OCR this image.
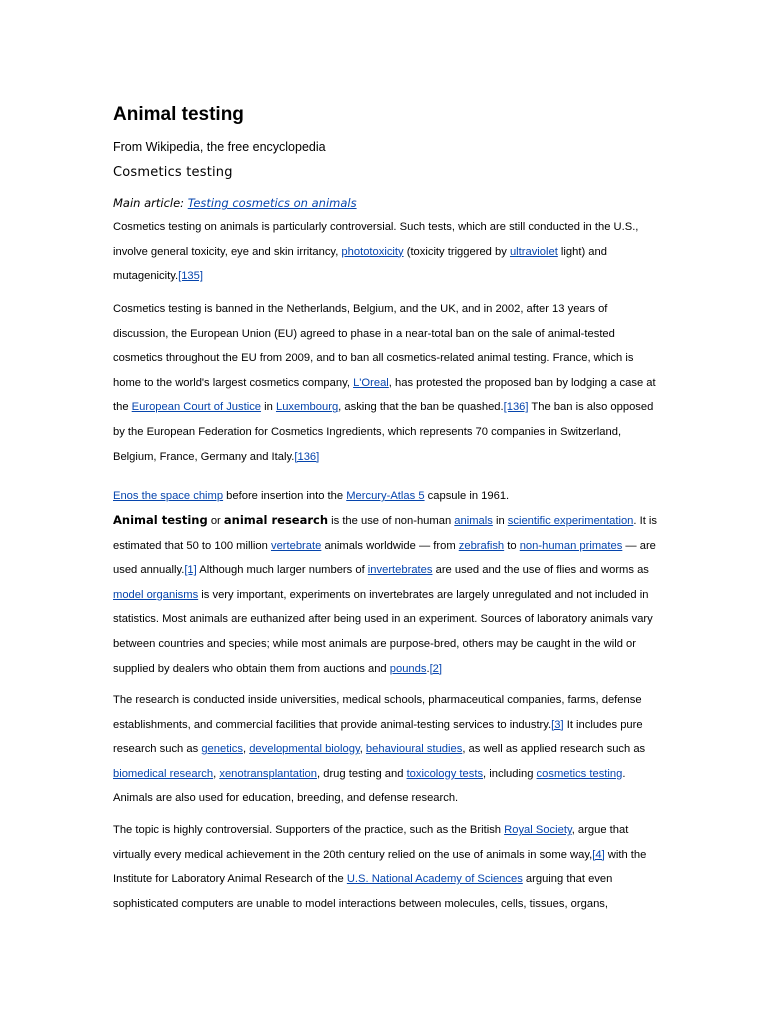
Animal testing
From Wikipedia, the free encyclopedia
Cosmetics testing
Main article: Testing cosmetics on animals

Cosmetics testing on animals is particularly controversial. Such tests, which are still conducted in the U.S., involve general toxicity, eye and skin irritancy, phototoxicity (toxicity triggered by ultraviolet light) and mutagenicity.[135]

Cosmetics testing is banned in the Netherlands, Belgium, and the UK, and in 2002, after 13 years of discussion, the European Union (EU) agreed to phase in a near-total ban on the sale of animal-tested cosmetics throughout the EU from 2009, and to ban all cosmetics-related animal testing. France, which is home to the world's largest cosmetics company, L'Oreal, has protested the proposed ban by lodging a case at the European Court of Justice in Luxembourg, asking that the ban be quashed.[136] The ban is also opposed by the European Federation for Cosmetics Ingredients, which represents 70 companies in Switzerland, Belgium, France, Germany and Italy.[136]

Enos the space chimp before insertion into the Mercury-Atlas 5 capsule in 1961.

Animal testing or animal research is the use of non-human animals in scientific experimentation. It is estimated that 50 to 100 million vertebrate animals worldwide — from zebrafish to non-human primates — are used annually.[1] Although much larger numbers of invertebrates are used and the use of flies and worms as model organisms is very important, experiments on invertebrates are largely unregulated and not included in statistics. Most animals are euthanized after being used in an experiment. Sources of laboratory animals vary between countries and species; while most animals are purpose-bred, others may be caught in the wild or supplied by dealers who obtain them from auctions and pounds.[2]

The research is conducted inside universities, medical schools, pharmaceutical companies, farms, defense establishments, and commercial facilities that provide animal-testing services to industry.[3] It includes pure research such as genetics, developmental biology, behavioural studies, as well as applied research such as biomedical research, xenotransplantation, drug testing and toxicology tests, including cosmetics testing. Animals are also used for education, breeding, and defense research.

The topic is highly controversial. Supporters of the practice, such as the British Royal Society, argue that virtually every medical achievement in the 20th century relied on the use of animals in some way,[4] with the Institute for Laboratory Animal Research of the U.S. National Academy of Sciences arguing that even sophisticated computers are unable to model interactions between molecules, cells, tissues, organs,
